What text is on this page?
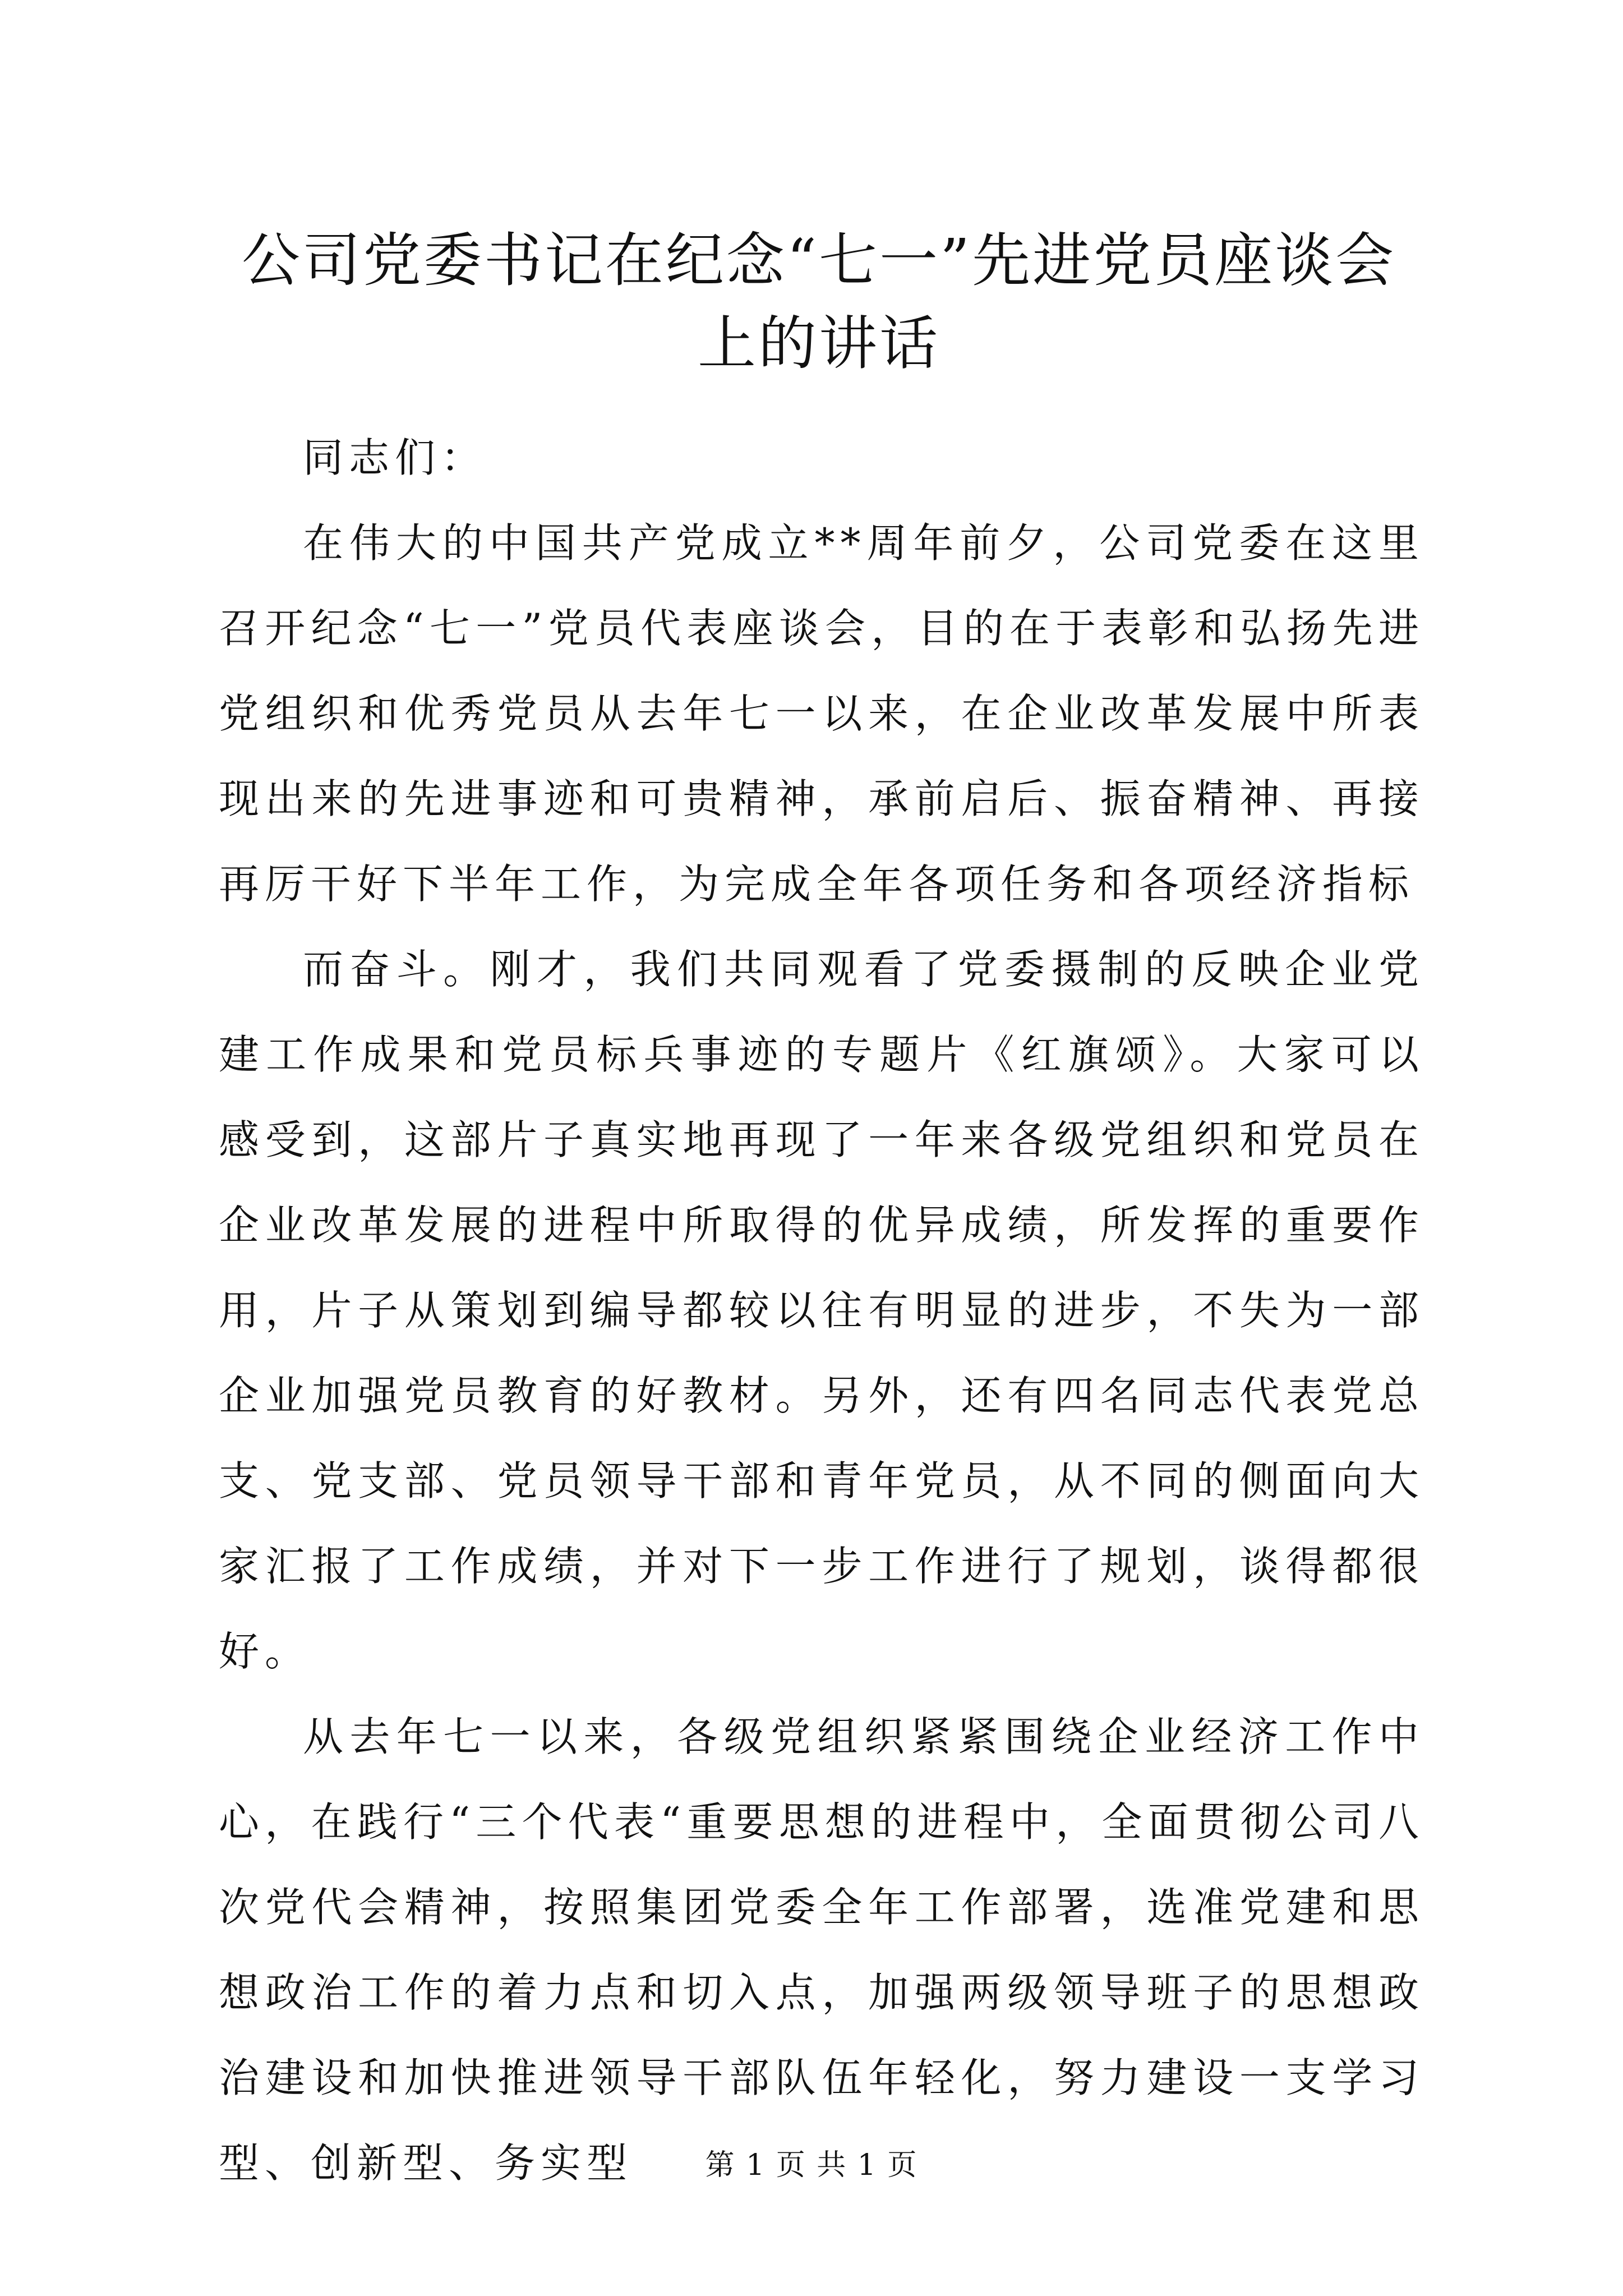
公司党委书记在纪念“七一”先进党员座谈会上的讲话

同志们：

在伟大的中国共产党成立**周年前夕，公司党委在这里召开纪念“七一”党员代表座谈会，目的在于表彰和弘扬先进党组织和优秀党员从去年七一以来，在企业改革发展中所表现出来的先进事迹和可贵精神，承前启后、振奋精神、再接再厉干好下半年工作，为完成全年各项任务和各项经济指标

而奋斗。刚才，我们共同观看了党委摄制的反映企业党建工作成果和党员标兵事迹的专题片《红旗颂》。大家可以感受到，这部片子真实地再现了一年来各级党组织和党员在企业改革发展的进程中所取得的优异成绩，所发挥的重要作用，片子从策划到编导都较以往有明显的进步，不失为一部企业加强党员教育的好教材。另外，还有四名同志代表党总支、党支部、党员领导干部和青年党员，从不同的侧面向大家汇报了工作成绩，并对下一步工作进行了规划，谈得都很好。

从去年七一以来，各级党组织紧紧围绕企业经济工作中心，在践行“三个代表“重要思想的进程中，全面贯彻公司八次党代会精神，按照集团党委全年工作部署，选准党建和思想政治工作的着力点和切入点，加强两级领导班子的思想政治建设和加快推进领导干部队伍年轻化，努力建设一支学习型、创新型、务实型	第 1 页 共 1 页
